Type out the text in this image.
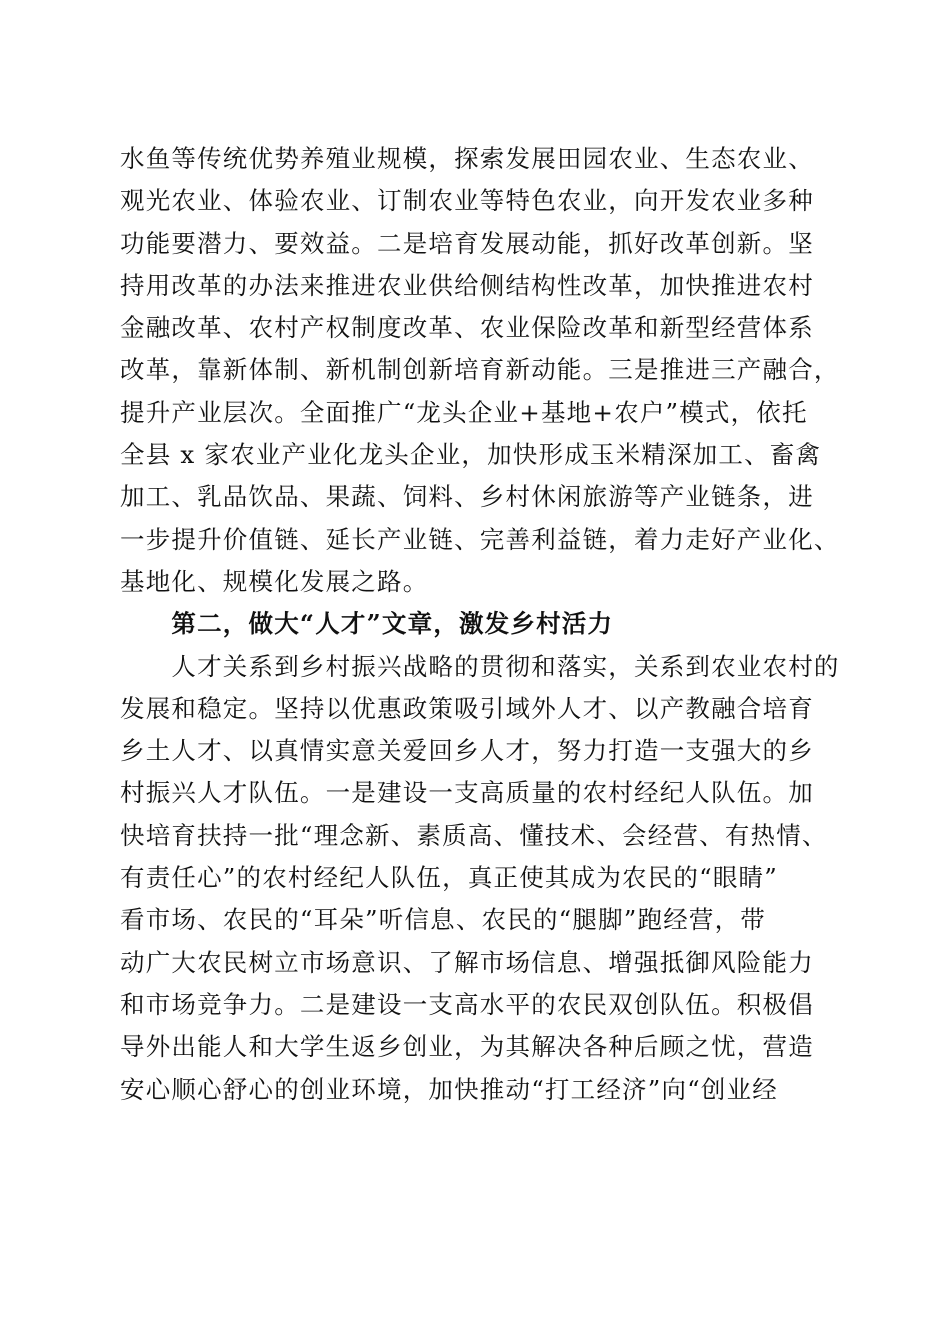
水鱼等传统优势养殖业规模，探索发展田园农业、生态农业、
观光农业、体验农业、订制农业等特色农业，向开发农业多种
功能要潜力、要效益。二是培育发展动能，抓好改革创新。坚
持用改革的办法来推进农业供给侧结构性改革，加快推进农村
金融改革、农村产权制度改革、农业保险改革和新型经营体系
改革，靠新体制、新机制创新培育新动能。三是推进三产融合，
提升产业层次。全面推广“龙头企业+基地+农户”模式，依托
全县 x 家农业产业化龙头企业，加快形成玉米精深加工、畜禽
加工、乳品饮品、果蔬、饲料、乡村休闲旅游等产业链条，进
一步提升价值链、延长产业链、完善利益链，着力走好产业化、
基地化、规模化发展之路。
　　第二，做大“人才”文章，激发乡村活力
　　人才关系到乡村振兴战略的贯彻和落实，关系到农业农村的
发展和稳定。坚持以优惠政策吸引域外人才、以产教融合培育
乡土人才、以真情实意关爱回乡人才，努力打造一支强大的乡
村振兴人才队伍。一是建设一支高质量的农村经纪人队伍。加
快培育扶持一批“理念新、素质高、懂技术、会经营、有热情、
有责任心”的农村经纪人队伍，真正使其成为农民的“眼睛”
看市场、农民的“耳朵”听信息、农民的“腿脚”跑经营，带
动广大农民树立市场意识、了解市场信息、增强抵御风险能力
和市场竞争力。二是建设一支高水平的农民双创队伍。积极倡
导外出能人和大学生返乡创业，为其解决各种后顾之忧，营造
安心顺心舒心的创业环境，加快推动“打工经济”向“创业经
